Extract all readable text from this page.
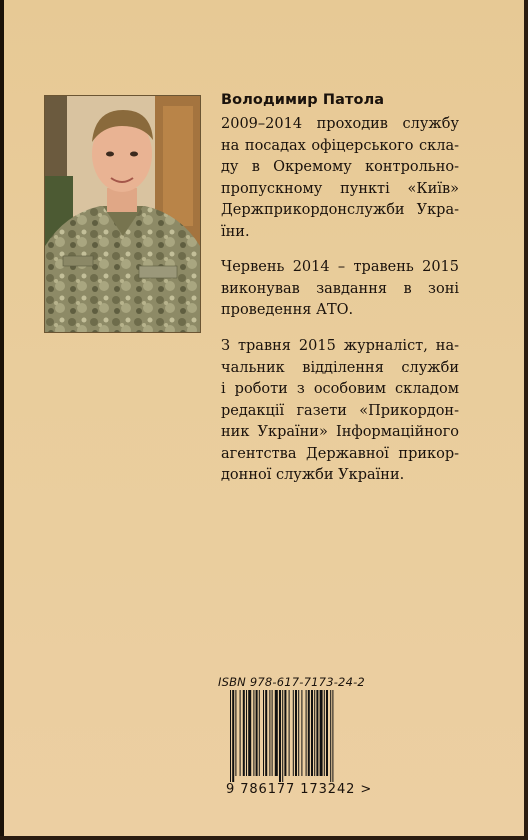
Володимир Патола
2009–2014 проходив службу
на посадах офіцерського скла-
ду в Окремому контрольно-
пропускному пункті «Київ»
Держприкордонслужби Укра-
їни.
Червень 2014 – травень 2015
виконував завдання в зоні
проведення АТО.
З травня 2015 журналіст, на-
чальник відділення служби
і роботи з особовим складом
редакції газети «Прикордон-
ник України» Інформаційного
агентства Державної прикор-
донної служби України.
ISBN 978-617-7173-24-2
9 786177 173242 >
